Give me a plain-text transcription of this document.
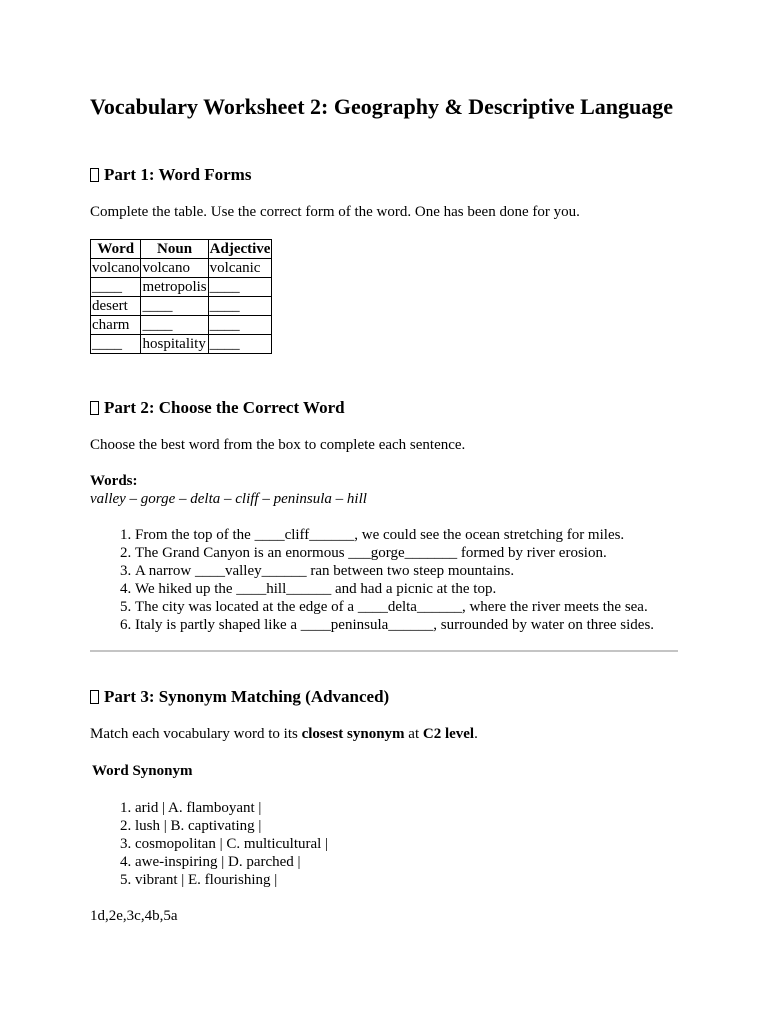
Vocabulary Worksheet 2: Geography & Descriptive Language
Part 1: Word Forms

Complete the table. Use the correct form of the word. One has been done for you.

Word	Noun	Adjective
volcano	volcano	volcanic
____	metropolis	____
desert	____	____
charm	____	____
____	hospitality	____
Part 2: Choose the Correct Word

Choose the best word from the box to complete each sentence.

Words:

valley – gorge – delta – cliff – peninsula – hill

1. From the top of the ____cliff______, we could see the ocean stretching for miles.
2. The Grand Canyon is an enormous ___gorge_______ formed by river erosion.
3. A narrow ____valley______ ran between two steep mountains.
4. We hiked up the ____hill______ and had a picnic at the top.
5. The city was located at the edge of a ____delta______, where the river meets the sea.
6. Italy is partly shaped like a ____peninsula______, surrounded by water on three sides.
Part 3: Synonym Matching (Advanced)

Match each vocabulary word to its closest synonym at C2 level.

Word Synonym

1. arid | A. flamboyant |
2. lush | B. captivating |
3. cosmopolitan | C. multicultural |
4. awe-inspiring | D. parched |
5. vibrant | E. flourishing |

1d,2e,3c,4b,5a
